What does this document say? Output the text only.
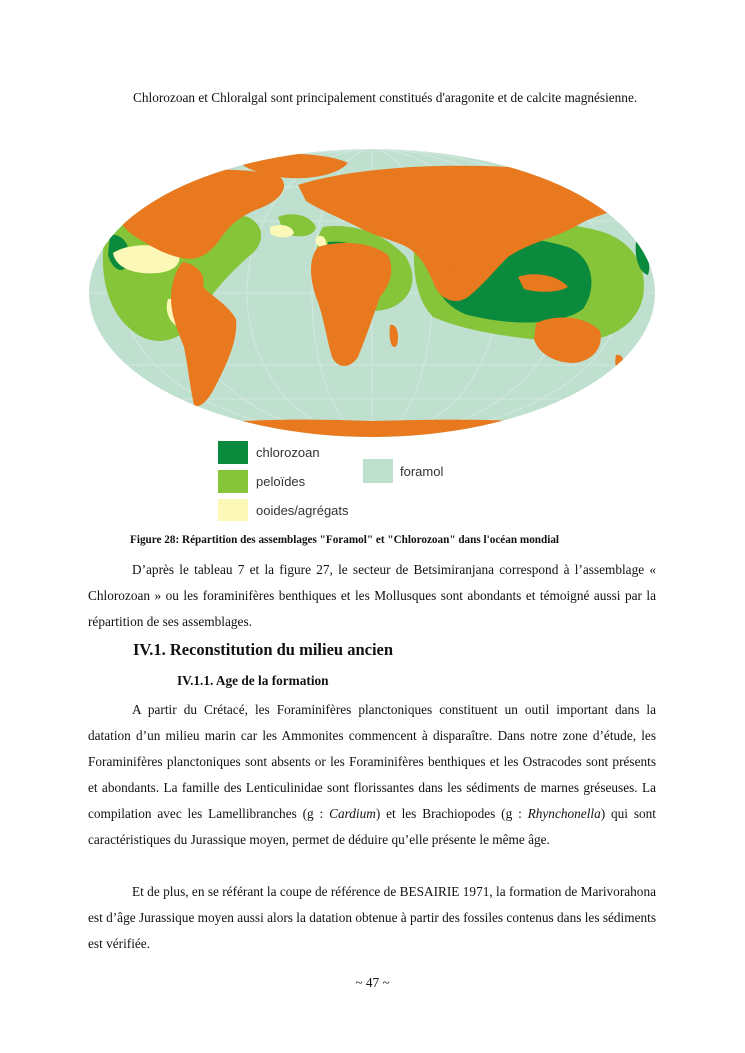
Chlorozoan et Chloralgal sont principalement constitués d'aragonite et de calcite magnésienne.

chlorozoan
peloïdes
ooides/agrégats
foramol

Figure 28: Répartition des assemblages "Foramol" et "Chlorozoan" dans l'océan mondial

D’après le tableau 7 et la figure 27, le secteur de Betsimiranjana correspond à l’assemblage « Chlorozoan » ou les foraminifères benthiques et les Mollusques sont abondants et témoigné aussi par la répartition de ses assemblages.

IV.1. Reconstitution du milieu ancien
IV.1.1. Age de la formation

A partir du Crétacé, les Foraminifères planctoniques constituent un outil important dans la datation d’un milieu marin car les Ammonites commencent à disparaître. Dans notre zone d’étude, les Foraminifères planctoniques sont absents or les Foraminifères benthiques et les Ostracodes sont présents et abondants. La famille des Lenticulinidae sont florissantes dans les sédiments de marnes gréseuses. La compilation avec les Lamellibranches (g : Cardium) et les Brachiopodes (g : Rhynchonella) qui sont caractéristiques du Jurassique moyen, permet de déduire qu’elle présente le même âge.

Et de plus, en se référant la coupe de référence de BESAIRIE 1971, la formation de Marivorahona est d’âge Jurassique moyen aussi alors la datation obtenue à partir des fossiles contenus dans les sédiments est vérifiée.

~ 47 ~
